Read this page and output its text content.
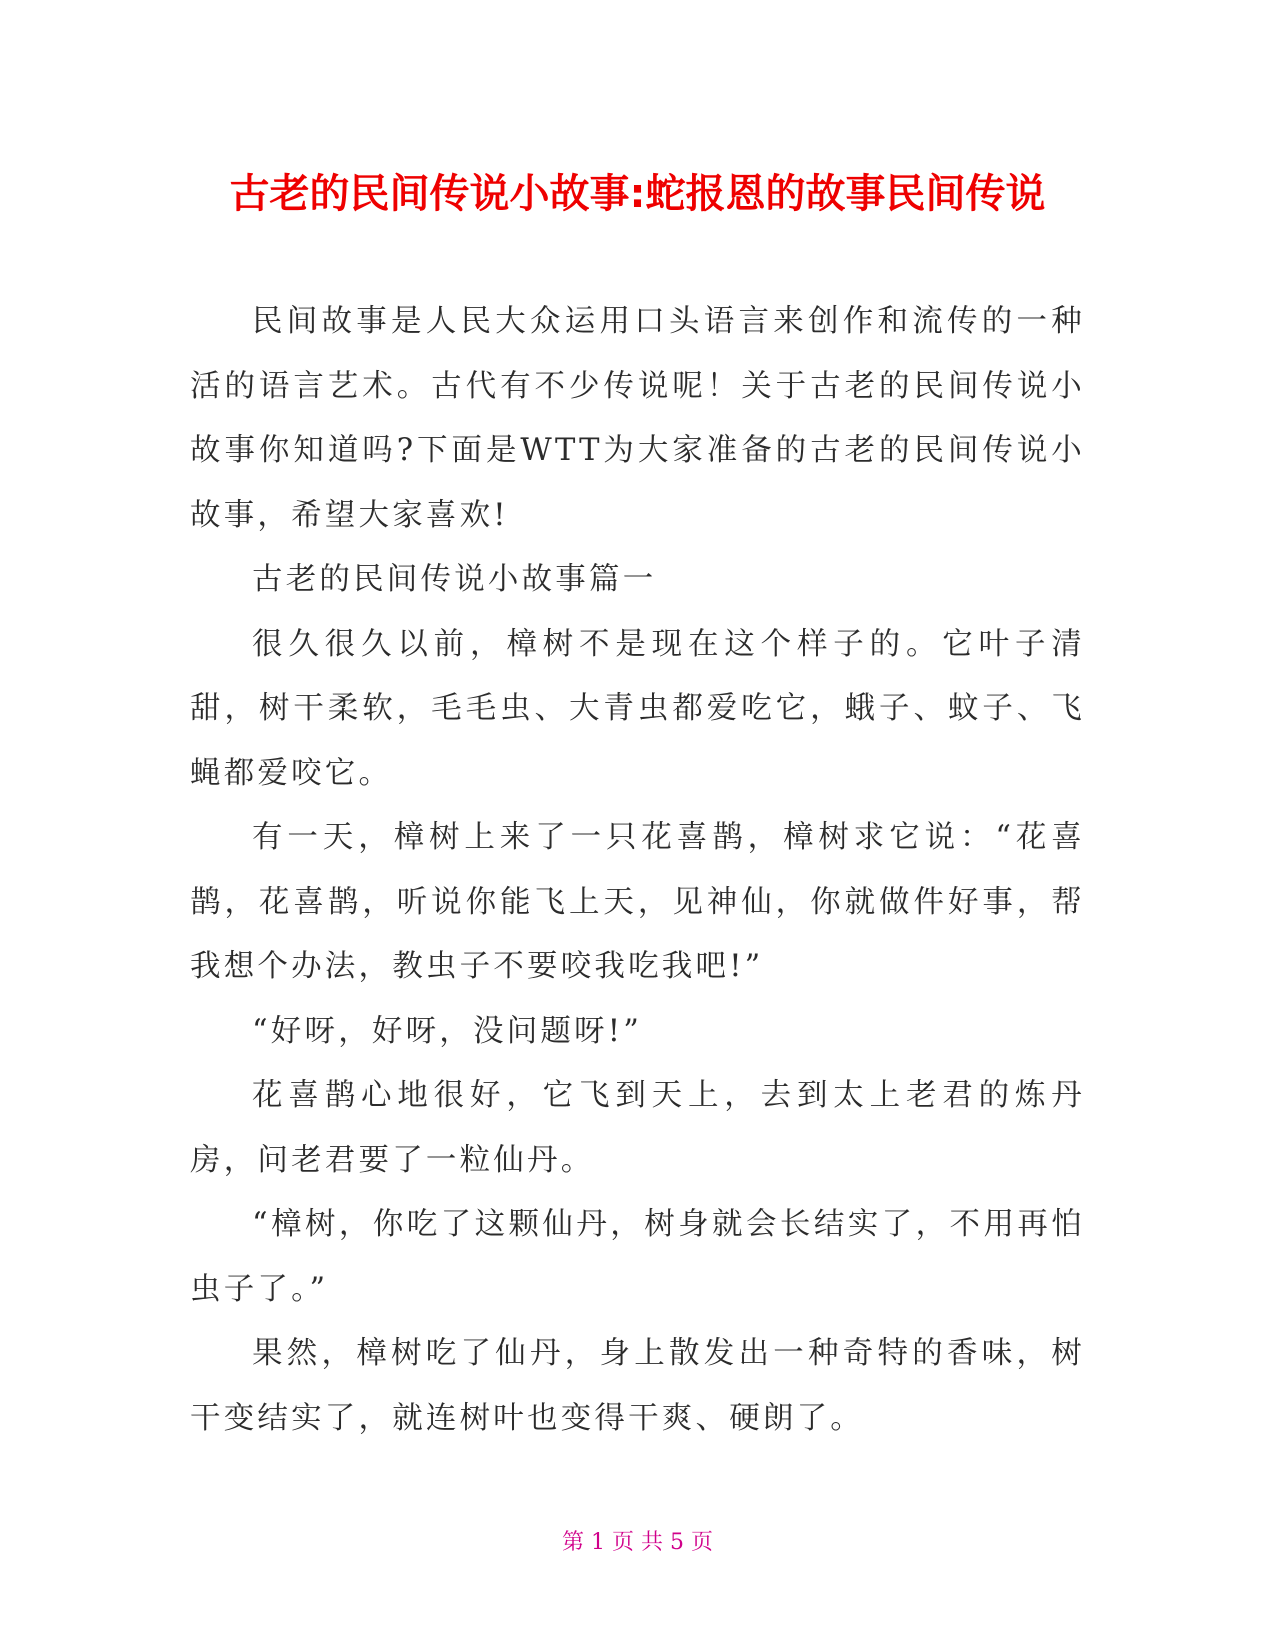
古老的民间传说小故事:蛇报恩的故事民间传说

民间故事是人民大众运用口头语言来创作和流传的一种活的语言艺术。古代有不少传说呢！关于古老的民间传说小故事你知道吗?下面是WTT为大家准备的古老的民间传说小故事，希望大家喜欢!

古老的民间传说小故事篇一

很久很久以前，樟树不是现在这个样子的。它叶子清甜，树干柔软，毛毛虫、大青虫都爱吃它，蛾子、蚊子、飞蝇都爱咬它。

有一天，樟树上来了一只花喜鹊，樟树求它说：“花喜鹊，花喜鹊，听说你能飞上天，见神仙，你就做件好事，帮我想个办法，教虫子不要咬我吃我吧!”

“好呀，好呀，没问题呀!”

花喜鹊心地很好，它飞到天上，去到太上老君的炼丹房，问老君要了一粒仙丹。

“樟树，你吃了这颗仙丹，树身就会长结实了，不用再怕虫子了。”

果然，樟树吃了仙丹，身上散发出一种奇特的香味，树干变结实了，就连树叶也变得干爽、硬朗了。

第 1 页 共 5 页
